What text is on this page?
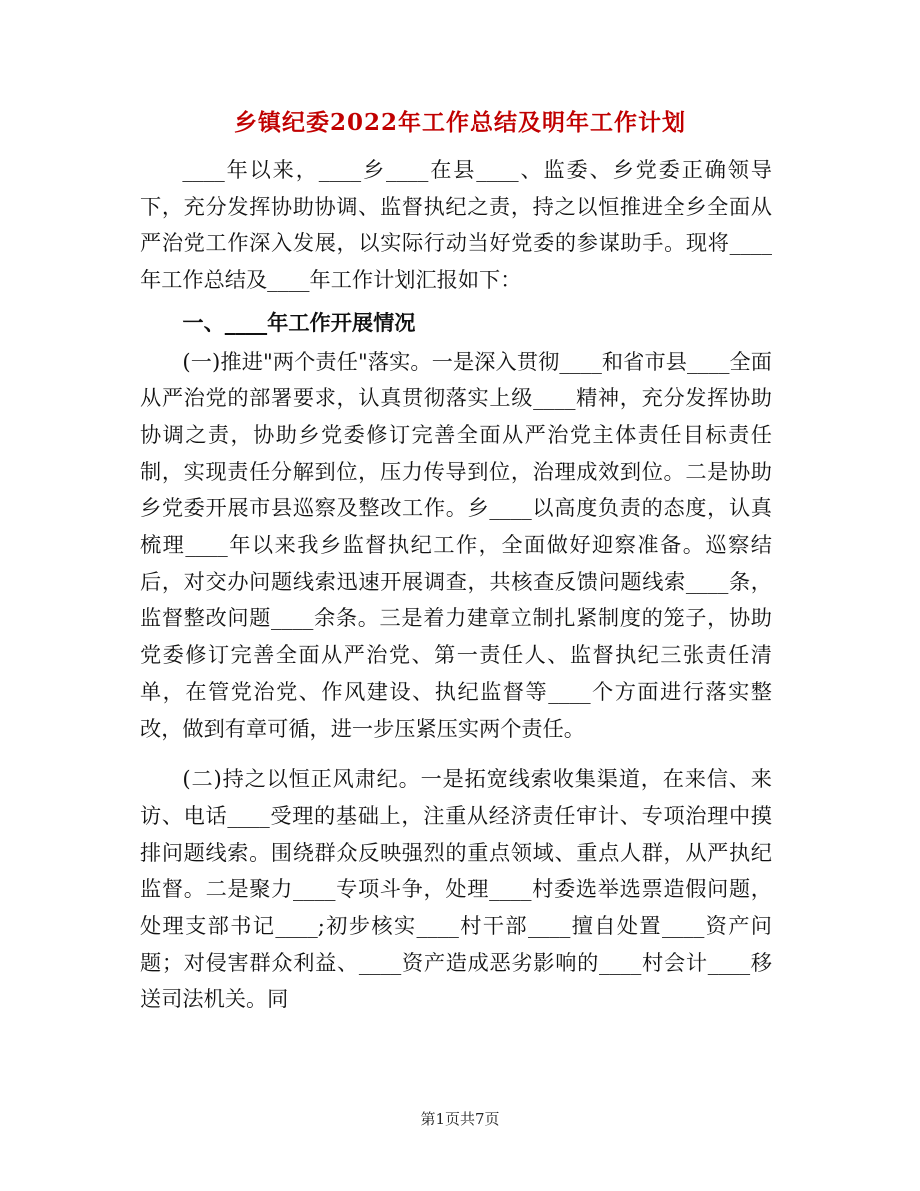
乡镇纪委2022年工作总结及明年工作计划

____年以来，____乡____在县____、监委、乡党委正确领导下，充分发挥协助协调、监督执纪之责，持之以恒推进全乡全面从严治党工作深入发展，以实际行动当好党委的参谋助手。现将____年工作总结及____年工作计划汇报如下：

一、____年工作开展情况

(一)推进"两个责任"落实。一是深入贯彻____和省市县____全面从严治党的部署要求，认真贯彻落实上级____精神，充分发挥协助协调之责，协助乡党委修订完善全面从严治党主体责任目标责任制，实现责任分解到位，压力传导到位，治理成效到位。二是协助乡党委开展市县巡察及整改工作。乡____以高度负责的态度，认真梳理____年以来我乡监督执纪工作，全面做好迎察准备。巡察结后，对交办问题线索迅速开展调查，共核查反馈问题线索____条，监督整改问题____余条。三是着力建章立制扎紧制度的笼子，协助党委修订完善全面从严治党、第一责任人、监督执纪三张责任清单，在管党治党、作风建设、执纪监督等____个方面进行落实整改，做到有章可循，进一步压紧压实两个责任。

(二)持之以恒正风肃纪。一是拓宽线索收集渠道，在来信、来访、电话____受理的基础上，注重从经济责任审计、专项治理中摸排问题线索。围绕群众反映强烈的重点领域、重点人群，从严执纪监督。二是聚力____专项斗争，处理____村委选举选票造假问题，处理支部书记____;初步核实____村干部____擅自处置____资产问题；对侵害群众利益、____资产造成恶劣影响的____村会计____移送司法机关。同

第1页共7页
